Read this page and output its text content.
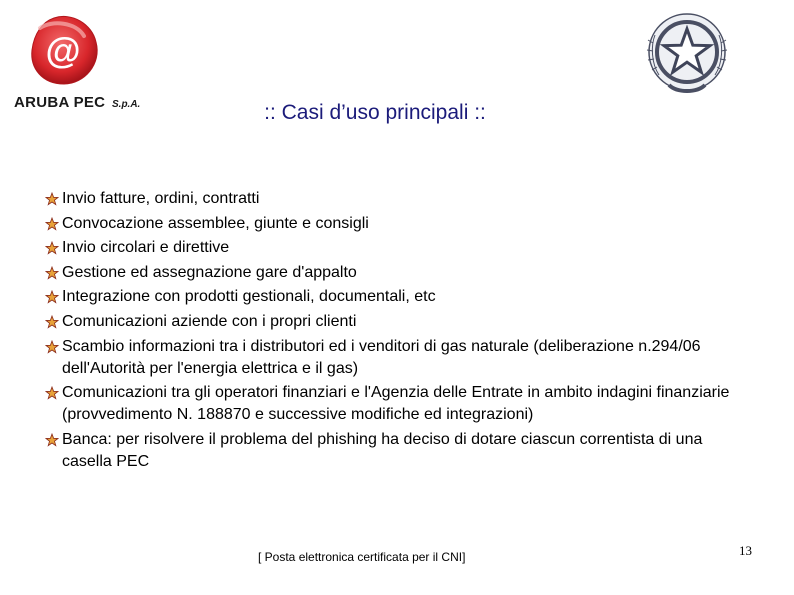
@
ARUBA PEC S.p.A.	:: Casi d’uso principali ::
Invio fatture, ordini, contratti
Convocazione assemblee, giunte e consigli
Invio circolari e direttive
Gestione ed assegnazione gare d'appalto
Integrazione con prodotti gestionali, documentali, etc
Comunicazioni aziende con i propri clienti
Scambio informazioni tra i distributori ed i venditori di gas naturale (deliberazione n.294/06 dell'Autorità per l'energia elettrica e il gas)
Comunicazioni tra gli operatori finanziari e l'Agenzia delle Entrate in ambito indagini finanziarie (provvedimento N. 188870 e successive modifiche ed integrazioni)
Banca: per risolvere il problema del phishing ha deciso di dotare ciascun correntista di una casella PEC
[ Posta elettronica certificata per il CNI]	13
